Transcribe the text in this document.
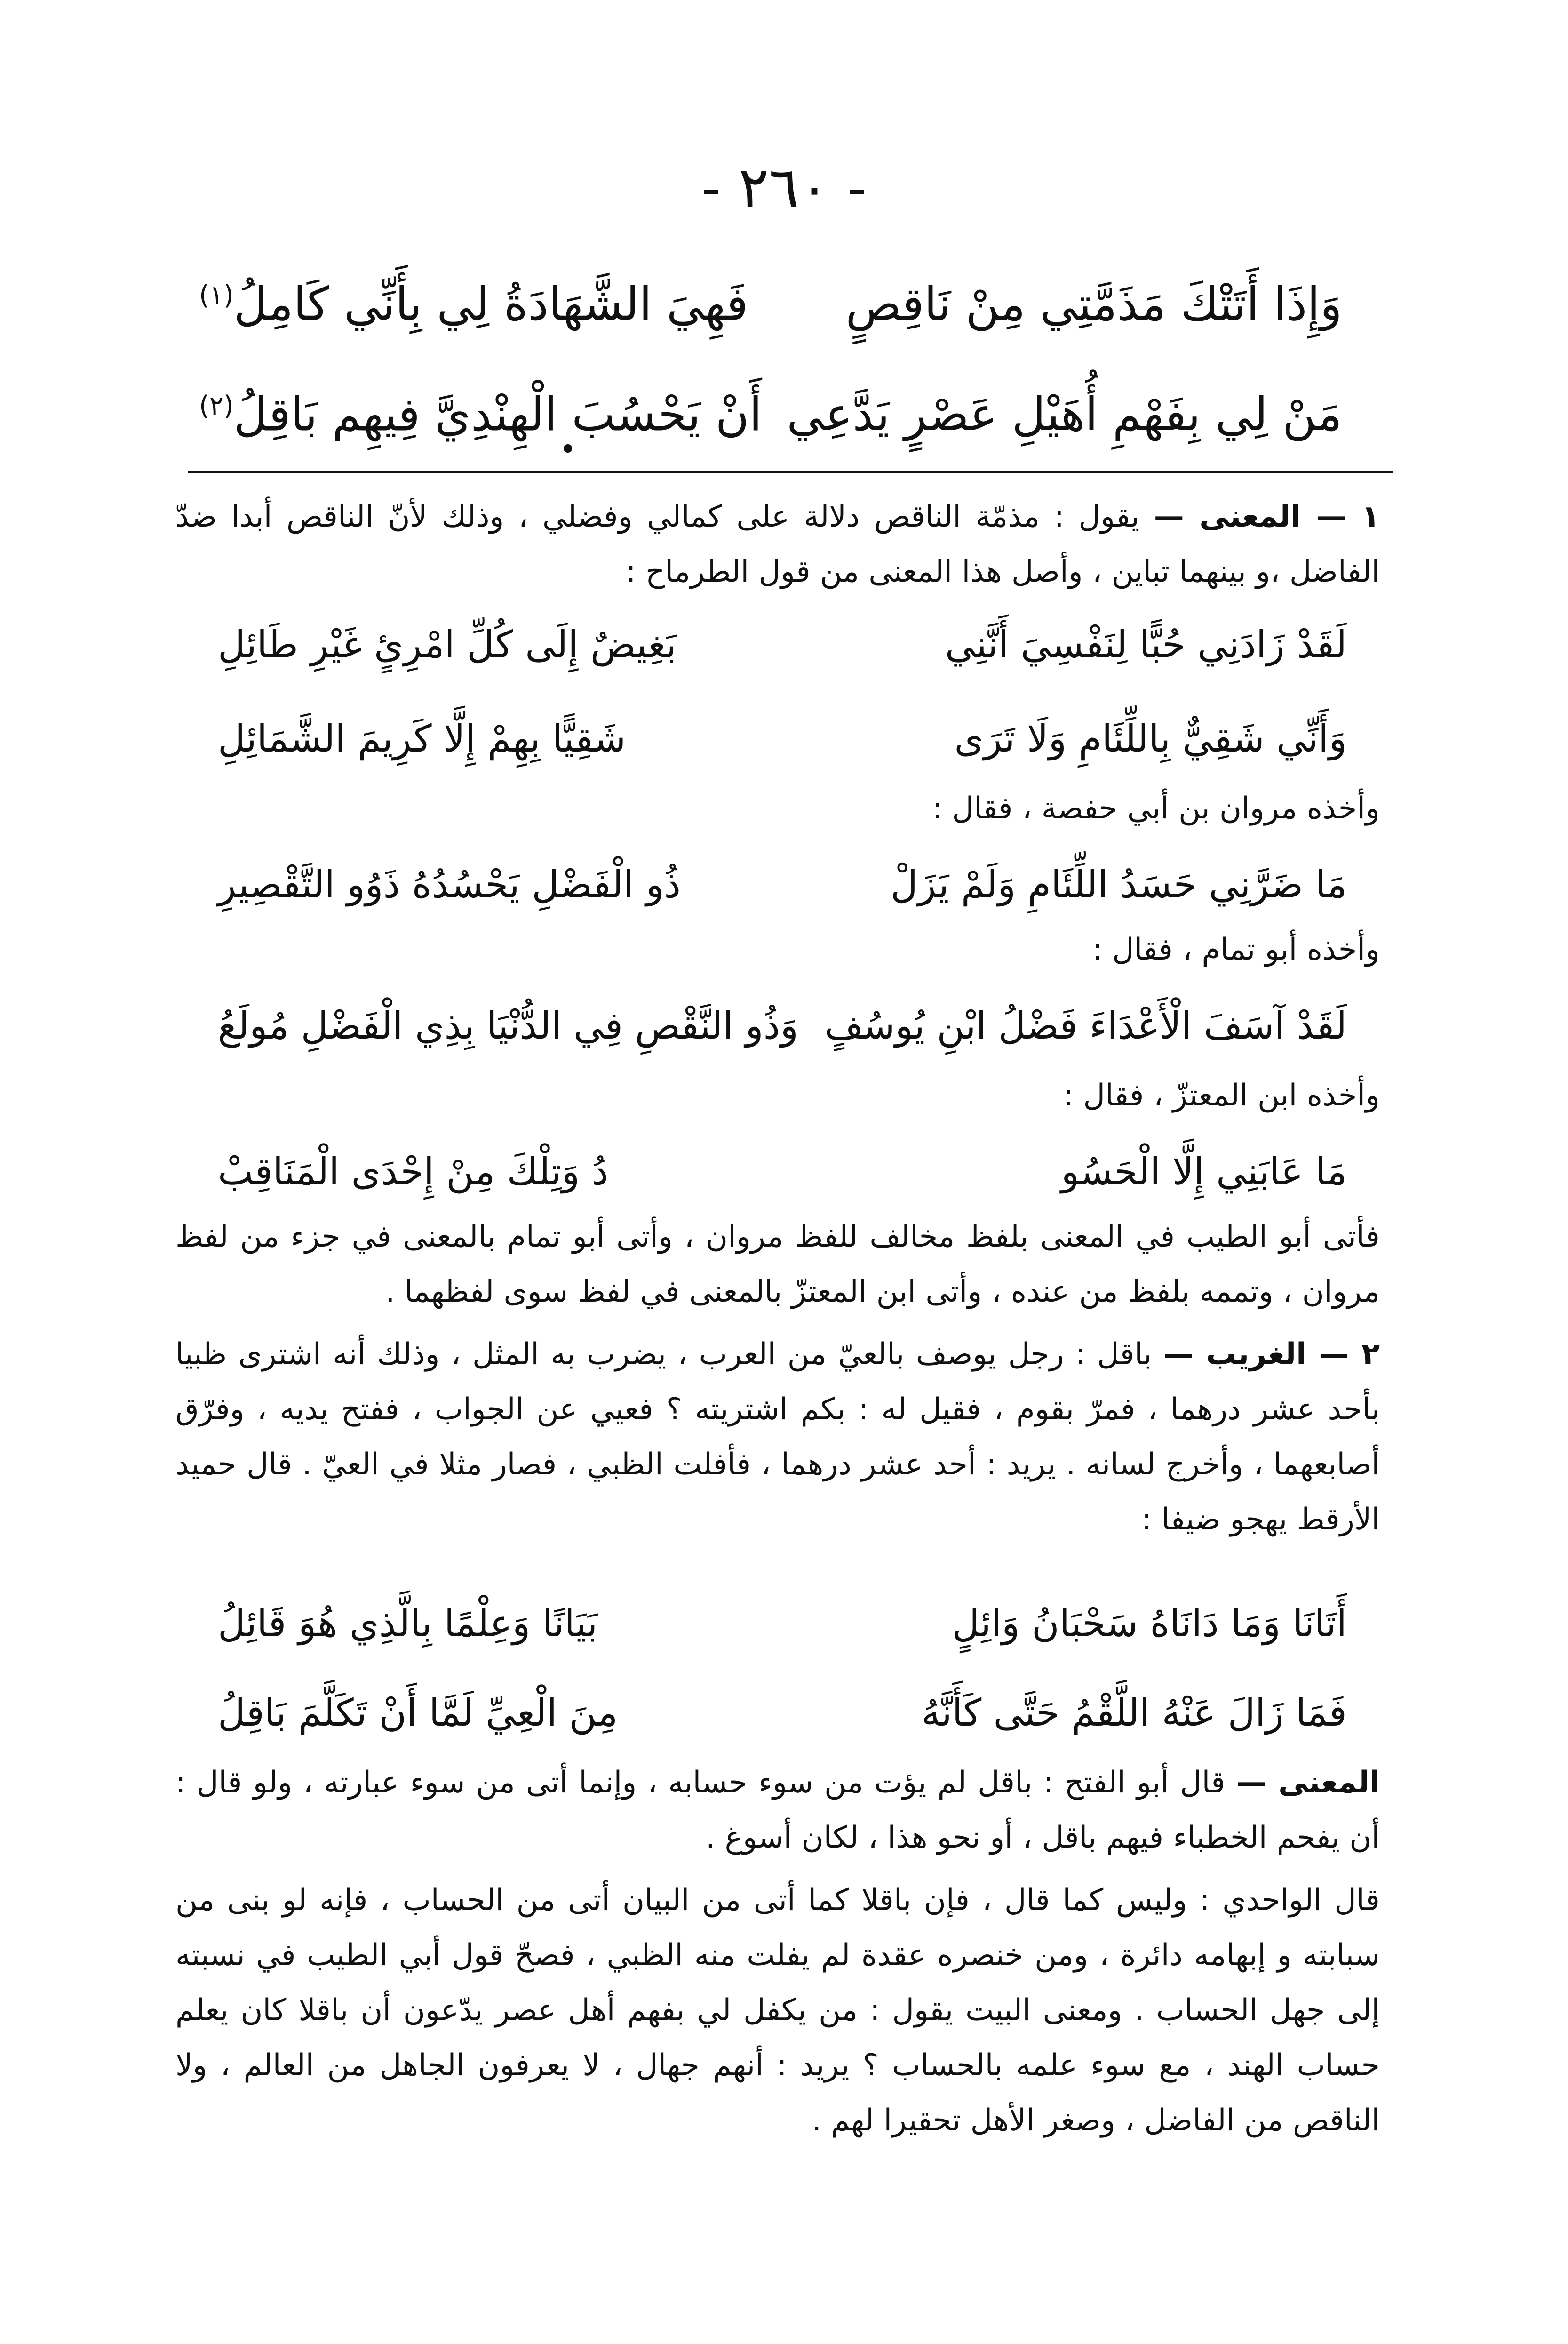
- ٢٦٠ -
وَإِذَا أَتَتْكَ مَذَمَّتِي مِنْ نَاقِصٍ
فَهِيَ الشَّهَادَةُ لِي بِأَنِّي كَامِلُ$^{(١)}$
مَنْ لِي بِفَهْمِ أُهَيْلِ عَصْرٍ يَدَّعِي
أَنْ يَحْسُبَ الْهِنْدِيَّ فِيهِم بَاقِلُ$^{(٢)}$
١ — المعنى — يقول : مذمّة الناقص دلالة على كمالي وفضلي ، وذلك لأنّ الناقص أبدا ضدّ الفاضل ،و بينهما تباين ، وأصل هذا المعنى من قول الطرماح :
لَقَدْ زَادَنِي حُبًّا لِنَفْسِيَ أَنَّنِي
بَغِيضٌ إِلَى كُلِّ امْرِئٍ غَيْرِ طَائِلِ
وَأَنِّي شَقِيٌّ بِاللِّئَامِ وَلَا تَرَى
شَقِيًّا بِهِمْ إِلَّا كَرِيمَ الشَّمَائِلِ
وأخذه مروان بن أبي حفصة ، فقال :
مَا ضَرَّنِي حَسَدُ اللِّئَامِ وَلَمْ يَزَلْ
ذُو الْفَضْلِ يَحْسُدُهُ ذَوُو التَّقْصِيرِ
وأخذه أبو تمام ، فقال :
لَقَدْ آسَفَ الْأَعْدَاءَ فَضْلُ ابْنِ يُوسُفٍ
وَذُو النَّقْصِ فِي الدُّنْيَا بِذِي الْفَضْلِ مُولَعُ
وأخذه ابن المعتزّ ، فقال :
مَا عَابَنِي إِلَّا الْحَسُو
دُ وَتِلْكَ مِنْ إِحْدَى الْمَنَاقِبْ
فأتى أبو الطيب في المعنى بلفظ مخالف للفظ مروان ، وأتى أبو تمام بالمعنى في جزء من لفظ مروان ، وتممه بلفظ من عنده ، وأتى ابن المعتزّ بالمعنى في لفظ سوى لفظهما .
٢ — الغريب — باقل : رجل يوصف بالعيّ من العرب ، يضرب به المثل ، وذلك أنه اشترى ظبيا بأحد عشر درهما ، فمرّ بقوم ، فقيل له : بكم اشتريته ؟ فعيي عن الجواب ، ففتح يديه ، وفرّق أصابعهما ، وأخرج لسانه . يريد : أحد عشر درهما ، فأفلت الظبي ، فصار مثلا في العيّ . قال حميد الأرقط يهجو ضيفا :
أَتَانَا وَمَا دَانَاهُ سَحْبَانُ وَائِلٍ
بَيَانًا وَعِلْمًا بِالَّذِي هُوَ قَائِلُ
فَمَا زَالَ عَنْهُ اللَّقْمُ حَتَّى كَأَنَّهُ
مِنَ الْعِيِّ لَمَّا أَنْ تَكَلَّمَ بَاقِلُ
المعنى — قال أبو الفتح : باقل لم يؤت من سوء حسابه ، وإنما أتى من سوء عبارته ، ولو قال : أن يفحم الخطباء فيهم باقل ، أو نحو هذا ، لكان أسوغ .
قال الواحدي : وليس كما قال ، فإن باقلا كما أتى من البيان أتى من الحساب ، فإنه لو بنى من سبابته و إبهامه دائرة ، ومن خنصره عقدة لم يفلت منه الظبي ، فصحّ قول أبي الطيب في نسبته إلى جهل الحساب . ومعنى البيت يقول : من يكفل لي بفهم أهل عصر يدّعون أن باقلا كان يعلم حساب الهند ، مع سوء علمه بالحساب ؟ يريد : أنهم جهال ، لا يعرفون الجاهل من العالم ، ولا الناقص من الفاضل ، وصغر الأهل تحقيرا لهم .
